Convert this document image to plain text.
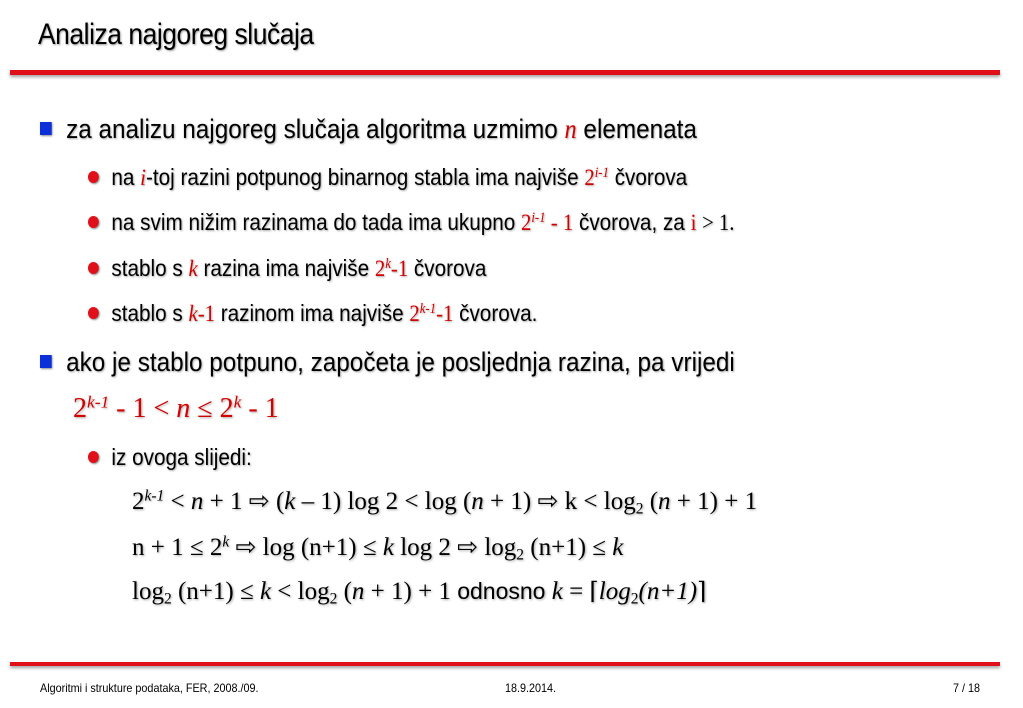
Analiza najgoreg slučaja
za analizu najgoreg slučaja algoritma uzmimo n elemenata
na i-toj razini potpunog binarnog stabla ima najviše 2$^{i-1}$ čvorova
na svim nižim razinama do tada ima ukupno 2$^{i-1}$ - 1 čvorova, za i > 1.
stablo s k razina ima najviše 2$^k$-1 čvorova
stablo s k-1 razinom ima najviše 2$^{k-1}$-1 čvorova.
ako je stablo potpuno, započeta je posljednja razina, pa vrijedi
$2^{k-1} - 1 < n \le 2^k - 1$
iz ovoga slijedi:
$2^{k-1} < n + 1$ ⇨ (k – 1) log 2 < log (n + 1) ⇨ $k < \log_2 (n + 1) + 1$
$n + 1 \le 2^k$ ⇨ log (n+1) ≤ k log 2 ⇨ $\log_2 (n+1) \le k$
$\log_2 (n+1) \le k < \log_2 (n + 1) + 1$ odnosno $k = ⌈\log_2(n+1)⌉$
Algoritmi i strukture podataka, FER, 2008./09.	18.9.2014.	7 / 18
